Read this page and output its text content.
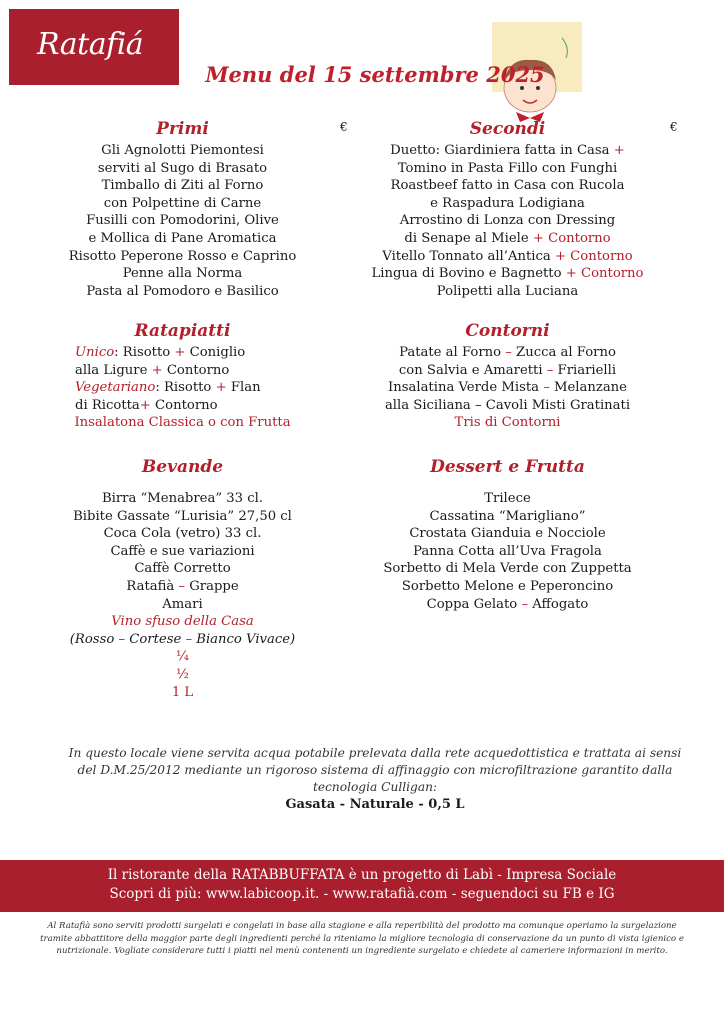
Ratafiá
Menu del 15 settembre 2025
€	€
Primi
Gli Agnolotti Piemontesi
serviti al Sugo di Brasato
Timballo di Ziti al Forno
con Polpettine di Carne
Fusilli con Pomodorini, Olive
e Mollica di Pane Aromatica
Risotto Peperone Rosso e Caprino
Penne alla Norma
Pasta al Pomodoro e Basilico
Secondi
Duetto: Giardiniera fatta in Casa +
Tomino in Pasta Fillo con Funghi
Roastbeef fatto in Casa con Rucola
e Raspadura Lodigiana
Arrostino di Lonza con Dressing
di Senape al Miele + Contorno
Vitello Tonnato all’Antica + Contorno
Lingua di Bovino e Bagnetto + Contorno
Polipetti alla Luciana
Ratapiatti
Unico: Risotto + Coniglio
alla Ligure + Contorno
Vegetariano: Risotto + Flan
di Ricotta+ Contorno
Insalatona Classica o con Frutta
Contorni
Patate al Forno – Zucca al Forno
con Salvia e Amaretti – Friarielli
Insalatina Verde Mista – Melanzane
alla Siciliana – Cavoli Misti Gratinati
Tris di Contorni
Bevande
Birra “Menabrea” 33 cl.
Bibite Gassate “Lurisia” 27,50 cl
Coca Cola (vetro) 33 cl.
Caffè e sue variazioni
Caffè Corretto
Ratafià – Grappe
Amari
Vino sfuso della Casa
(Rosso – Cortese – Bianco Vivace)
¼
½
1 L
Dessert e Frutta
Trilece
Cassatina “Marigliano”
Crostata Gianduia e Nocciole
Panna Cotta all’Uva Fragola
Sorbetto di Mela Verde con Zuppetta
Sorbetto Melone e Peperoncino
Coppa Gelato – Affogato
In questo locale viene servita acqua potabile prelevata dalla rete acquedottistica e trattata ai sensi del D.M.25/2012 mediante un rigoroso sistema di affinaggio con microfiltrazione garantito dalla tecnologia Culligan:
Gasata - Naturale - 0,5 L
Il ristorante della RATABBUFFATA è un progetto di Labì - Impresa Sociale
Scopri di più: www.labicoop.it. - www.ratafià.com - seguendoci su FB e IG
Al Ratafià sono serviti prodotti surgelati e congelati in base alla stagione e alla reperibilità del prodotto ma comunque operiamo la surgelazione tramite abbattitore della maggior parte degli ingredienti perché la riteniamo la migliore tecnologia di conservazione da un punto di vista igienico e nutrizionale. Vogliate considerare tutti i piatti nel menù contenenti un ingrediente surgelato e chiedete al cameriere informazioni in merito.
